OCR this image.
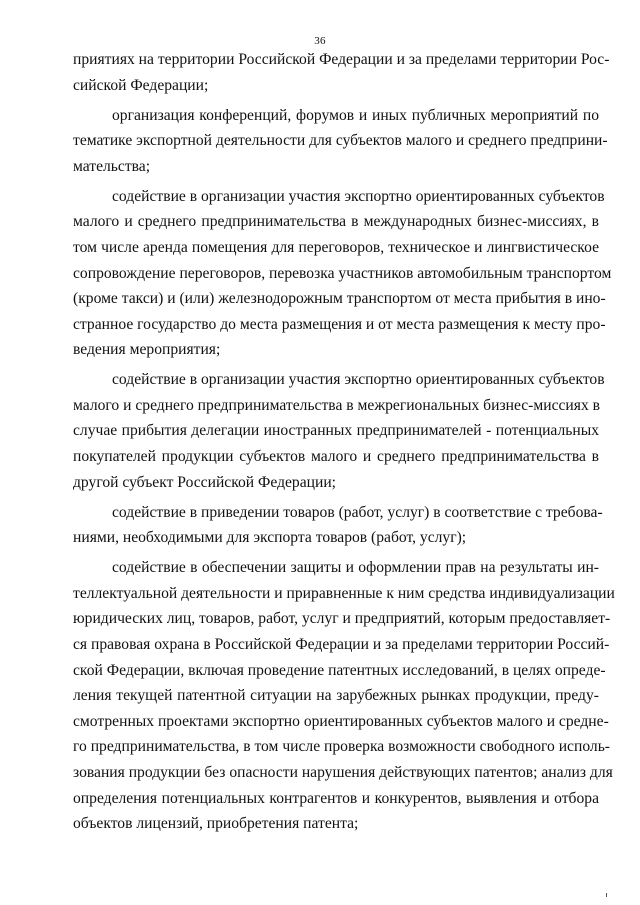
36
приятиях на территории Российской Федерации и за пределами территории Рос-
сийской Федерации;
организация конференций, форумов и иных публичных мероприятий по
тематике экспортной деятельности для субъектов малого и среднего предприни-
мательства;
содействие в организации участия экспортно ориентированных субъектов
малого и среднего предпринимательства в международных бизнес-миссиях, в
том числе аренда помещения для переговоров, техническое и лингвистическое
сопровождение переговоров, перевозка участников автомобильным транспортом
(кроме такси) и (или) железнодорожным транспортом от места прибытия в ино-
странное государство до места размещения и от места размещения к месту про-
ведения мероприятия;
содействие в организации участия экспортно ориентированных субъектов
малого и среднего предпринимательства в межрегиональных бизнес-миссиях в
случае прибытия делегации иностранных предпринимателей - потенциальных
покупателей продукции субъектов малого и среднего предпринимательства в
другой субъект Российской Федерации;
содействие в приведении товаров (работ, услуг) в соответствие с требова-
ниями, необходимыми для экспорта товаров (работ, услуг);
содействие в обеспечении защиты и оформлении прав на результаты ин-
теллектуальной деятельности и приравненные к ним средства индивидуализации
юридических лиц, товаров, работ, услуг и предприятий, которым предоставляет-
ся правовая охрана в Российской Федерации и за пределами территории Россий-
ской Федерации, включая проведение патентных исследований, в целях опреде-
ления текущей патентной ситуации на зарубежных рынках продукции, преду-
смотренных проектами экспортно ориентированных субъектов малого и средне-
го предпринимательства, в том числе проверка возможности свободного исполь-
зования продукции без опасности нарушения действующих патентов; анализ для
определения потенциальных контрагентов и конкурентов, выявления и отбора
объектов лицензий, приобретения патента;
